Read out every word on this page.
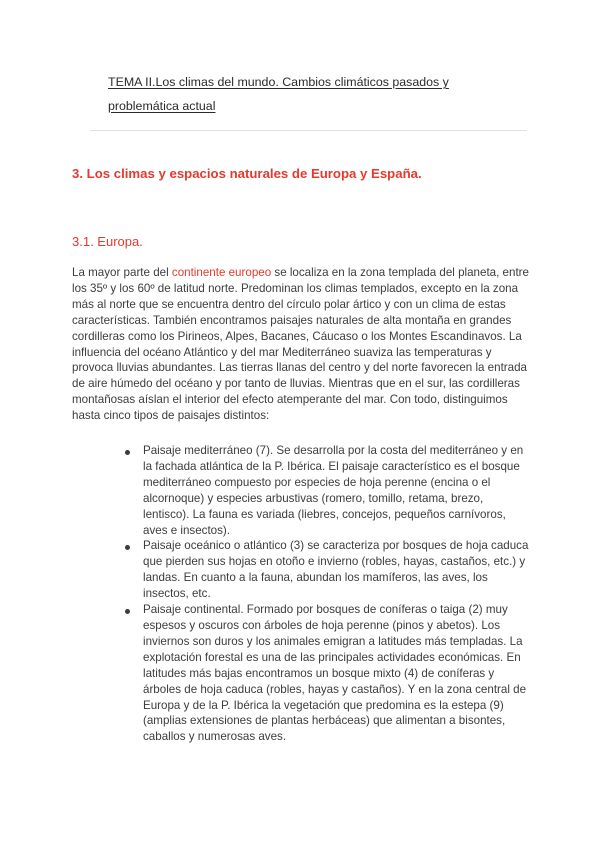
TEMA II.Los climas del mundo. Cambios climáticos pasados y problemática actual
3. Los climas y espacios naturales de Europa y España.
3.1. Europa.

La mayor parte del continente europeo se localiza en la zona templada del planeta, entre los 35º y los 60º de latitud norte. Predominan los climas templados, excepto en la zona más al norte que se encuentra dentro del círculo polar ártico y con un clima de estas características. También encontramos paisajes naturales de alta montaña en grandes cordilleras como los Pirineos, Alpes, Bacanes, Cáucaso o los Montes Escandinavos. La influencia del océano Atlántico y del mar Mediterráneo suaviza las temperaturas y provoca lluvias abundantes. Las tierras llanas del centro y del norte favorecen la entrada de aire húmedo del océano y por tanto de lluvias. Mientras que en el sur, las cordilleras montañosas aíslan el interior del efecto atemperante del mar. Con todo, distinguimos hasta cinco tipos de paisajes distintos:

Paisaje mediterráneo (7). Se desarrolla por la costa del mediterráneo y en la fachada atlántica de la P. Ibérica. El paisaje característico es el bosque mediterráneo compuesto por especies de hoja perenne (encina o el alcornoque) y especies arbustivas (romero, tomillo, retama, brezo, lentisco). La fauna es variada (liebres, concejos, pequeños carnívoros, aves e insectos).
Paisaje oceánico o atlántico (3) se caracteriza por bosques de hoja caduca que pierden sus hojas en otoño e invierno (robles, hayas, castaños, etc.) y landas. En cuanto a la fauna, abundan los mamíferos, las aves, los insectos, etc.
Paisaje continental. Formado por bosques de coníferas o taiga (2) muy espesos y oscuros con árboles de hoja perenne (pinos y abetos). Los inviernos son duros y los animales emigran a latitudes más templadas. La explotación forestal es una de las principales actividades económicas. En latitudes más bajas encontramos un bosque mixto (4) de coníferas y árboles de hoja caduca (robles, hayas y castaños). Y en la zona central de Europa y de la P. Ibérica la vegetación que predomina es la estepa (9) (amplias extensiones de plantas herbáceas) que alimentan a bisontes, caballos y numerosas aves.
